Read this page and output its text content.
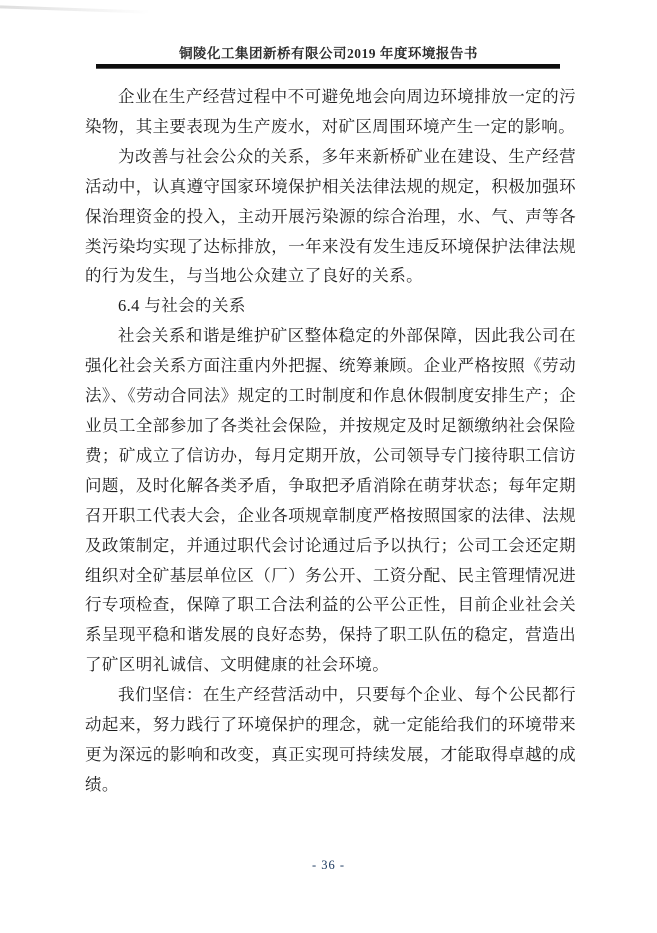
铜陵化工集团新桥有限公司2019 年度环境报告书

企业在生产经营过程中不可避免地会向周边环境排放一定的污染物，其主要表现为生产废水，对矿区周围环境产生一定的影响。

为改善与社会公众的关系，多年来新桥矿业在建设、生产经营活动中，认真遵守国家环境保护相关法律法规的规定，积极加强环保治理资金的投入，主动开展污染源的综合治理，水、气、声等各类污染均实现了达标排放，一年来没有发生违反环境保护法律法规的行为发生，与当地公众建立了良好的关系。

6.4 与社会的关系

社会关系和谐是维护矿区整体稳定的外部保障，因此我公司在强化社会关系方面注重内外把握、统筹兼顾。企业严格按照《劳动法》、《劳动合同法》规定的工时制度和作息休假制度安排生产；企业员工全部参加了各类社会保险，并按规定及时足额缴纳社会保险费；矿成立了信访办，每月定期开放，公司领导专门接待职工信访问题，及时化解各类矛盾，争取把矛盾消除在萌芽状态；每年定期召开职工代表大会，企业各项规章制度严格按照国家的法律、法规及政策制定，并通过职代会讨论通过后予以执行；公司工会还定期组织对全矿基层单位区（厂）务公开、工资分配、民主管理情况进行专项检查，保障了职工合法利益的公平公正性，目前企业社会关系呈现平稳和谐发展的良好态势，保持了职工队伍的稳定，营造出了矿区明礼诚信、文明健康的社会环境。

我们坚信：在生产经营活动中，只要每个企业、每个公民都行动起来，努力践行了环境保护的理念，就一定能给我们的环境带来更为深远的影响和改变，真正实现可持续发展，才能取得卓越的成绩。

- 36 -
